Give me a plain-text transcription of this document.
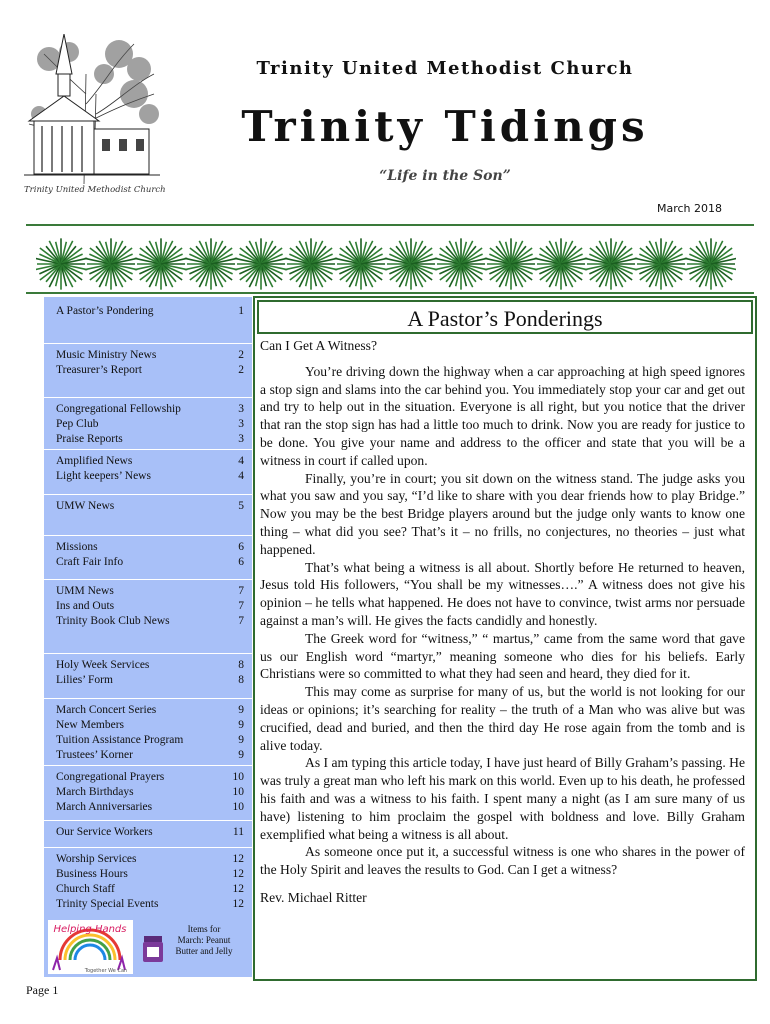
Trinity United Methodist Church
Trinity United Methodist Church
Trinity Tidings
“Life in the Son”
March 2018
A Pastor’s Pondering	1
Music Ministry News	2
Treasurer’s Report	2
Congregational Fellowship	3
Pep Club	3
Praise Reports	3
Amplified News	4
Light keepers’ News	4
UMW News	5
Missions	6
Craft Fair Info	6
UMM News	7
Ins and Outs	7
Trinity Book Club News	7
Holy Week Services	8
Lilies’ Form	8
March Concert Series	9
New Members	9
Tuition Assistance Program	9
Trustees’ Korner	9
Congregational Prayers	10
March Birthdays	10
March Anniversaries	10
Our Service Workers	11
Worship Services	12
Business Hours	12
Church Staff	12
Trinity Special Events	12
Helping Hands
Together We Can
Items for
March: Peanut
Butter and Jelly
A Pastor’s Ponderings

Can I Get A Witness?

You’re driving down the highway when a car approaching at high speed ignores a stop sign and slams into the car behind you. You immediately stop your car and get out and try to help out in the situation. Everyone is all right, but you notice that the driver that ran the stop sign has had a little too much to drink. Now you are ready for justice to be done. You give your name and address to the officer and state that you will be a witness in court if called upon.

Finally, you’re in court; you sit down on the witness stand. The judge asks you what you saw and you say, “I’d like to share with you dear friends how to play Bridge.” Now you may be the best Bridge players around but the judge only wants to know one thing – what did you see? That’s it – no frills, no conjectures, no theories – just what happened.

That’s what being a witness is all about. Shortly before He returned to heaven, Jesus told His followers, “You shall be my witnesses….” A witness does not give his opinion – he tells what happened. He does not have to convince, twist arms nor persuade against a man’s will. He gives the facts candidly and honestly.

The Greek word for “witness,” “ martus,” came from the same word that gave us our English word “martyr,” meaning someone who dies for his beliefs. Early Christians were so committed to what they had seen and heard, they died for it.

This may come as surprise for many of us, but the world is not looking for our ideas or opinions; it’s searching for reality – the truth of a Man who was alive but was crucified, dead and buried, and then the third day He rose again from the tomb and is alive today.

As I am typing this article today, I have just heard of Billy Graham’s passing. He was truly a great man who left his mark on this world. Even up to his death, he professed his faith and was a witness to his faith. I spent many a night (as I am sure many of us have) listening to him proclaim the gospel with boldness and love. Billy Graham exemplified what being a witness is all about.

As someone once put it, a successful witness is one who shares in the power of the Holy Spirit and leaves the results to God. Can I get a witness?

Rev. Michael Ritter

Page 1
